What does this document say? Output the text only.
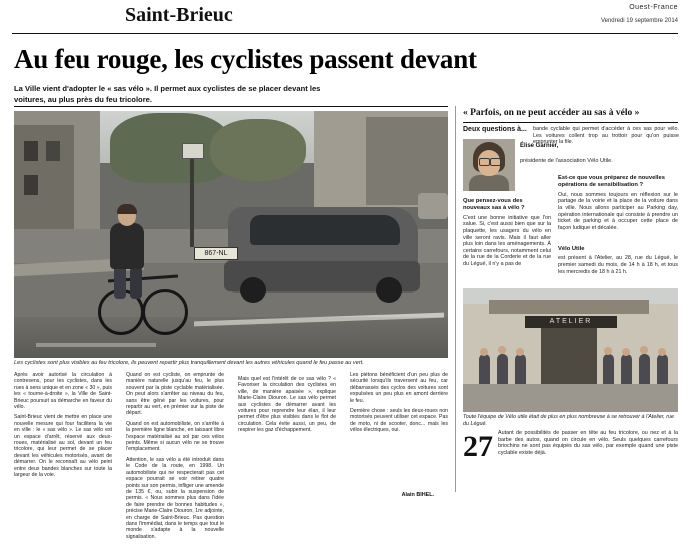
Saint-Brieuc	Ouest-France
Vendredi 19 septembre 2014
Au feu rouge, les cyclistes passent devant
La Ville vient d'adopter le « sas vélo ». Il permet aux cyclistes de se placer devant les voitures, au plus près du feu tricolore.
867-NL
Les cyclistes sont plus visibles au feu tricolore, ils peuvent repartir plus tranquillement devant les autres véhicules quand le feu passe au vert.

Après avoir autorisé la circulation à contresens, pour les cyclistes, dans les rues à sens unique et en zone « 30 », puis les « tourne-à-droite », la Ville de Saint-Brieuc poursuit sa démarche en faveur du vélo.

Saint-Brieuc vient de mettre en place une nouvelle mesure qui four facilitera la vie en ville : le « sas vélo ». Le sas vélo est un espace d'arrêt, réservé aux deux-roues, matérialisé au sol, devant un feu tricolore, qui leur permet de se placer devant les véhicules motorisés, avant de démarrer. On le reconnaît au vélo peint entre deux bandes blanches sur toute la largeur de la voie.

Quand on est cycliste, on emprunte de manière naturelle jusqu'au feu, le plus souvent par la piste cyclable matérialisée. On peut alors s'arrêter au niveau du feu, sans être gêné par les voitures, pour repartir au vert, en prémier sur la piste de départ.

Quand on est automobiliste, on s'arrête à la première ligne blanche, en laissant libre l'espace matérialisé au sol par ces vélos peints. Même si aucun vélo ne se trouve l'emplacement.

Attention, le sas vélo a été introduit dans le Code de la route, en 1998. Un automobiliste qui ne respecterait pas cet espace pourrait se voir retirer quatre points sur son permis, infliger une amende de 135 €, ou, subir la suspension de permis. « Nous sommes plus dans l'idée de faire prendre de bonnes habitudes », précise Marie-Claire Diouron, 1re adjointe, en charge de Saint-Brieuc. Pas question dans l'immédiat, dans le temps que tout le monde s'adapte à la nouvelle signalisation.

Mais quel est l'intérêt de ce sas vélo ? « Favoriser la circulation des cyclistes en ville, de manière apaisée », explique Marie-Claire Diouron. Le sas vélo permet aux cyclistes de démarrer avant les voitures pour reprendre leur élan, il leur permet d'être plus visibles dans le flot de circulation. Cela évite aussi, un peu, de respirer les gaz d'échappement.

Les piétons bénéficient d'un peu plus de sécurité lorsqu'ils traversent au feu, car débarrassés des cyclos des voitures sont expulsées un peu plus en amont derrière le feu.

Dernière chose : seuls les deux-roues non motorisés peuvent utiliser cet espace. Pas de moto, ni de scooter, donc... mais les vélos électriques, oui.

Alain BIHEL.
« Parfois, on ne peut accéder au sas à vélo »
Deux questions à... bande cyclable qui permet d'accéder à ces sas pour vélo. Les voitures collent trop au trottoir pour qu'on puisse emprunter la file.
Élise Garnier,
présidente de l'association Vélo Utile.
Que pensez-vous des nouveaux sas à vélo ?
C'est une bonne initiative que l'on salue. Si, c'est aussi bien que sur la plaquette, les usagers du vélo en ville seront ravis. Mais il faut aller plus loin dans les aménagements. À certains carrefours, notamment celui de la rue de la Corderie et de la rue du Légué, il n'y a pas de
Est-ce que vous préparez de nouvelles opérations de sensibilisation ?
Oui, nous sommes toujours en réflexion sur le partage de la voirie et la place de la voiture dans la ville. Nous allons participer au Parking day, opération internationale qui consiste à prendre un ticket de parking et à occuper cette place de façon ludique et décalée.
Vélo Utile
est présent à l'Atelier, au 28, rue du Légué, le premier samedi du mois, de 14 h à 18 h, et tous les mercredis de 18 h à 21 h.
ATELIER
Toute l'équipe de Vélo utile était de plus en plus nombreuse à se retrouver à l'Atelier, rue du Légué.
27 Autant de possibilités de passer en tête au feu tricolore, ou nez et à la barbe des autos, quand on circule en vélo. Seuls quelques carrefours briochins ne sont pas équipés du sas vélo, par exemple quand une piste cyclable existe déjà.
